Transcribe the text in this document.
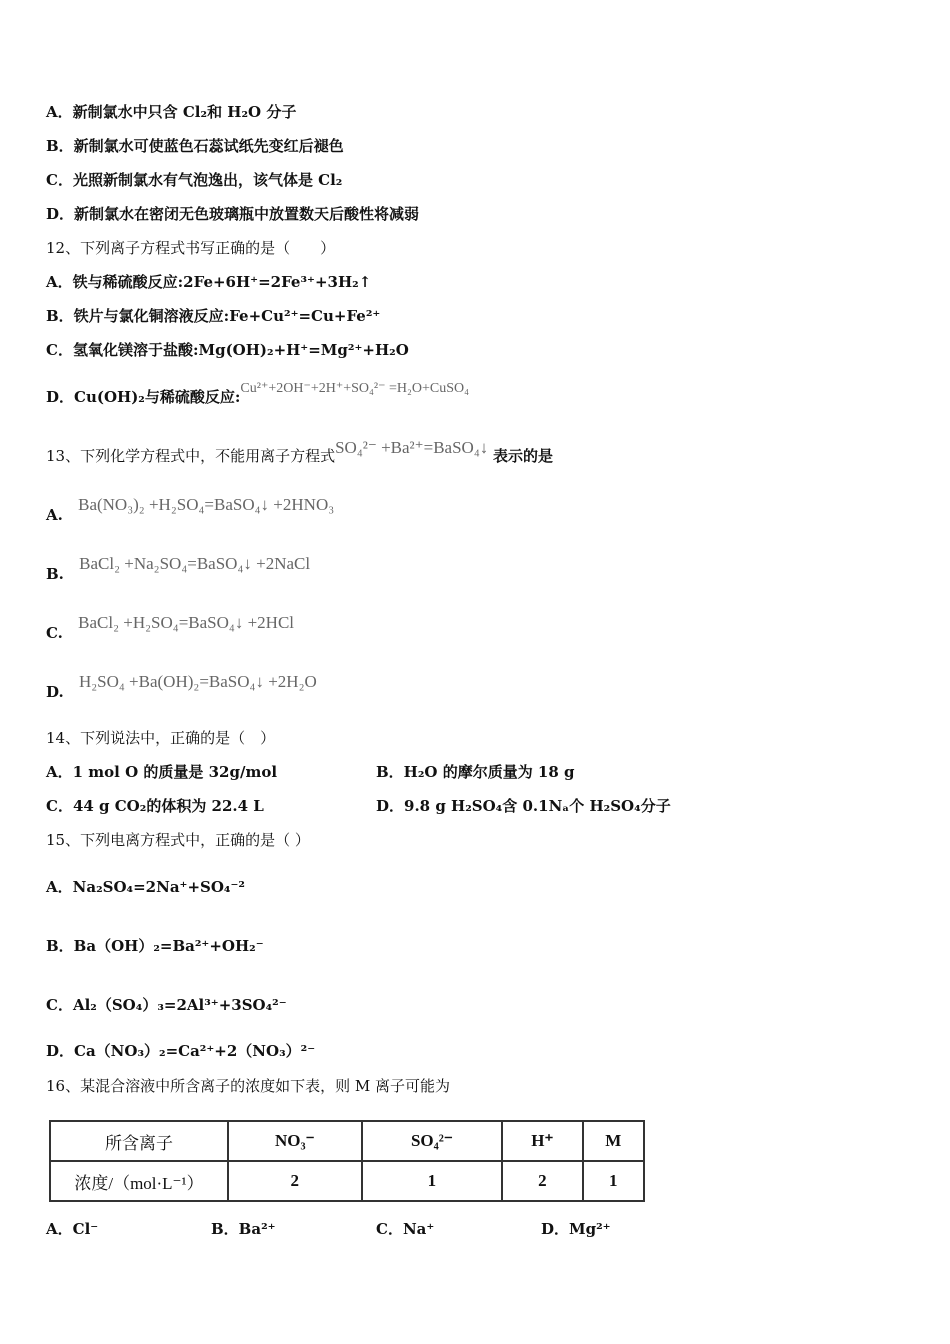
A．新制氯水中只含 Cl₂和 H₂O 分子
B．新制氯水可使蓝色石蕊试纸先变红后褪色
C．光照新制氯水有气泡逸出，该气体是 Cl₂
D．新制氯水在密闭无色玻璃瓶中放置数天后酸性将减弱
12、下列离子方程式书写正确的是（　　）
A．铁与稀硫酸反应:2Fe+6H⁺=2Fe³⁺+3H₂↑
B．铁片与氯化铜溶液反应:Fe+Cu²⁺=Cu+Fe²⁺
C．氢氧化镁溶于盐酸:Mg(OH)₂+H⁺=Mg²⁺+H₂O
D．Cu(OH)₂与稀硫酸反应:Cu²⁺+2OH⁻+2H⁺+SO₄²⁻ =H₂O+CuSO₄
13、下列化学方程式中，不能用离子方程式SO₄²⁻ +Ba²⁺=BaSO₄↓ 表示的是
A. Ba(NO₃)₂ +H₂SO₄=BaSO₄↓ +2HNO₃
B. BaCl₂ +Na₂SO₄=BaSO₄↓ +2NaCl
C. BaCl₂ +H₂SO₄=BaSO₄↓ +2HCl
D. H₂SO₄ +Ba(OH)₂=BaSO₄↓ +2H₂O
14、下列说法中，正确的是（　）
A．1 mol O 的质量是 32g/mol	B．H₂O 的摩尔质量为 18 g
C．44 g CO₂的体积为 22.4 L	D．9.8 g H₂SO₄含 0.1Nₐ个 H₂SO₄分子
15、下列电离方程式中，正确的是（ ）
A．Na₂SO₄=2Na⁺+SO₄⁻²
B．Ba（OH）₂=Ba²⁺+OH₂⁻
C．Al₂（SO₄）₃=2Al³⁺+3SO₄²⁻
D．Ca（NO₃）₂=Ca²⁺+2（NO₃）²⁻
16、某混合溶液中所含离子的浓度如下表，则 M 离子可能为
所含离子	NO₃⁻	SO₄²⁻	H⁺	M
浓度/（mol·L⁻¹）	2	1	2	1
A．Cl⁻	B．Ba²⁺	C．Na⁺	D．Mg²⁺
